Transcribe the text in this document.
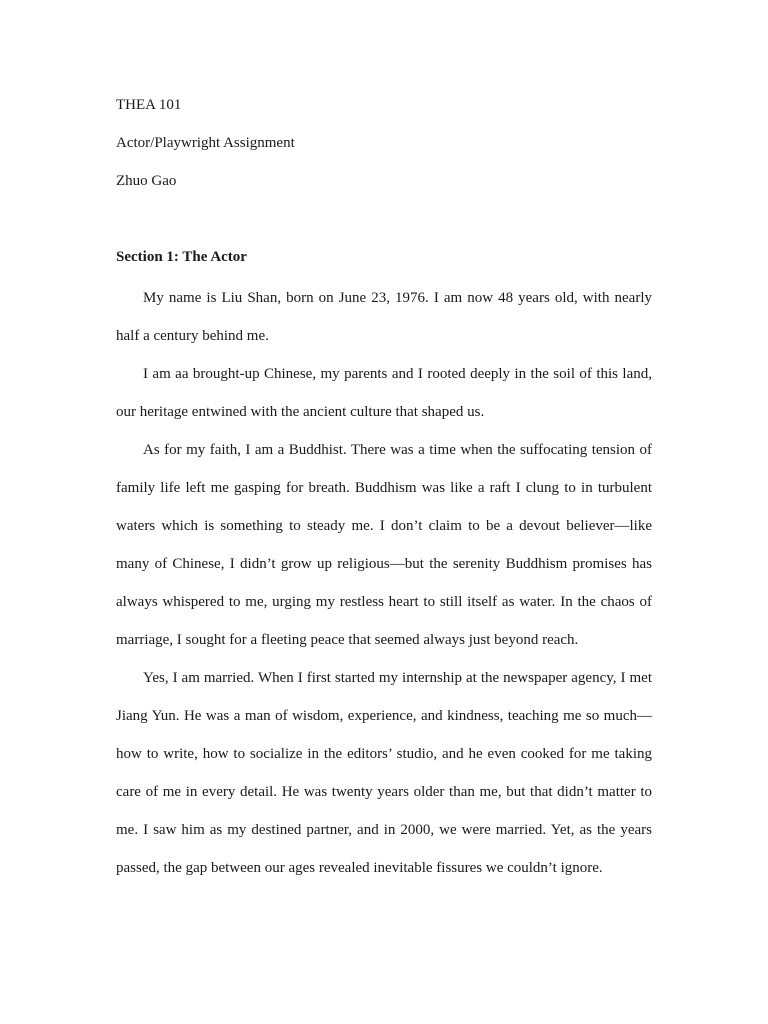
THEA 101
Actor/Playwright Assignment
Zhuo Gao
Section 1: The Actor

My name is Liu Shan, born on June 23, 1976. I am now 48 years old, with nearly half a century behind me.

I am aa brought-up Chinese, my parents and I rooted deeply in the soil of this land, our heritage entwined with the ancient culture that shaped us.

As for my faith, I am a Buddhist. There was a time when the suffocating tension of family life left me gasping for breath. Buddhism was like a raft I clung to in turbulent waters which is something to steady me. I don’t claim to be a devout believer—like many of Chinese, I didn’t grow up religious—but the serenity Buddhism promises has always whispered to me, urging my restless heart to still itself as water. In the chaos of marriage, I sought for a fleeting peace that seemed always just beyond reach.

Yes, I am married. When I first started my internship at the newspaper agency, I met Jiang Yun. He was a man of wisdom, experience, and kindness, teaching me so much—how to write, how to socialize in the editors’ studio, and he even cooked for me taking care of me in every detail. He was twenty years older than me, but that didn’t matter to me. I saw him as my destined partner, and in 2000, we were married. Yet, as the years passed, the gap between our ages revealed inevitable fissures we couldn’t ignore.
